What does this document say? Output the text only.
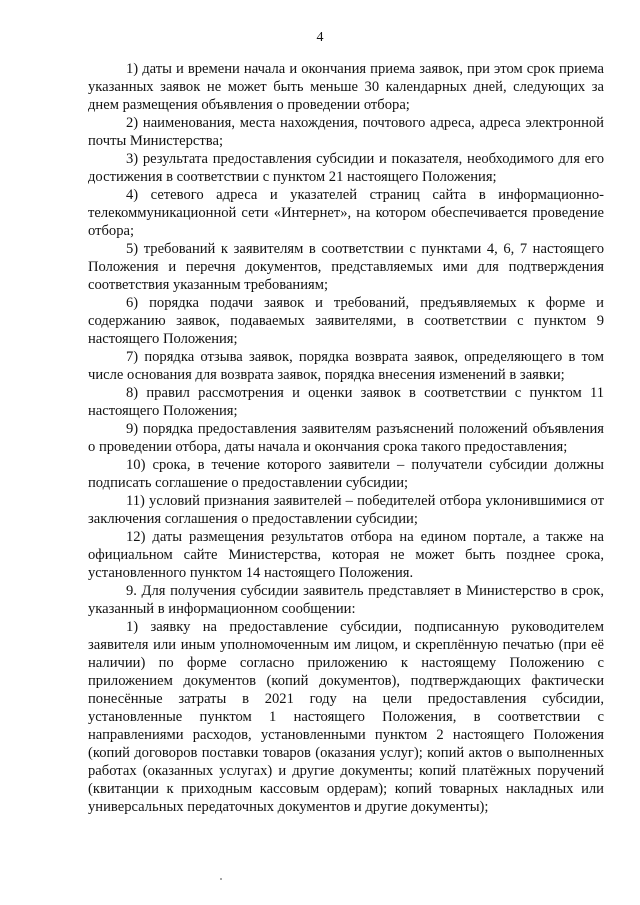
4

1) даты и времени начала и окончания приема заявок, при этом срок приема указанных заявок не может быть меньше 30 календарных дней, следующих за днем размещения объявления о проведении отбора;

2) наименования, места нахождения, почтового адреса, адреса электронной почты Министерства;

3) результата предоставления субсидии и показателя, необходимого для его достижения в соответствии с пунктом 21 настоящего Положения;

4) сетевого адреса и указателей страниц сайта в информационно-телекоммуникационной сети «Интернет», на котором обеспечивается проведение отбора;

5) требований к заявителям в соответствии с пунктами 4, 6, 7 настоящего Положения и перечня документов, представляемых ими для подтверждения соответствия указанным требованиям;

6) порядка подачи заявок и требований, предъявляемых к форме и содержанию заявок, подаваемых заявителями, в соответствии с пунктом 9 настоящего Положения;

7) порядка отзыва заявок, порядка возврата заявок, определяющего в том числе основания для возврата заявок, порядка внесения изменений в заявки;

8) правил рассмотрения и оценки заявок в соответствии с пунктом 11 настоящего Положения;

9) порядка предоставления заявителям разъяснений положений объявления о проведении отбора, даты начала и окончания срока такого предоставления;

10) срока, в течение которого заявители – получатели субсидии должны подписать соглашение о предоставлении субсидии;

11) условий признания заявителей – победителей отбора уклонившимися от заключения соглашения о предоставлении субсидии;

12) даты размещения результатов отбора на едином портале, а также на официальном сайте Министерства, которая не может быть позднее срока, установленного пунктом 14 настоящего Положения.

9. Для получения субсидии заявитель представляет в Министерство в срок, указанный в информационном сообщении:

1) заявку на предоставление субсидии, подписанную руководителем заявителя или иным уполномоченным им лицом, и скреплённую печатью (при её наличии) по форме согласно приложению к настоящему Положению с приложением документов (копий документов), подтверждающих фактически понесённые затраты в 2021 году на цели предоставления субсидии, установленные пунктом 1 настоящего Положения, в соответствии с направлениями расходов, установленными пунктом 2 настоящего Положения (копий договоров поставки товаров (оказания услуг); копий актов о выполненных работах (оказанных услугах) и другие документы; копий платёжных поручений (квитанции к приходным кассовым ордерам); копий товарных накладных или универсальных передаточных документов и другие документы);
